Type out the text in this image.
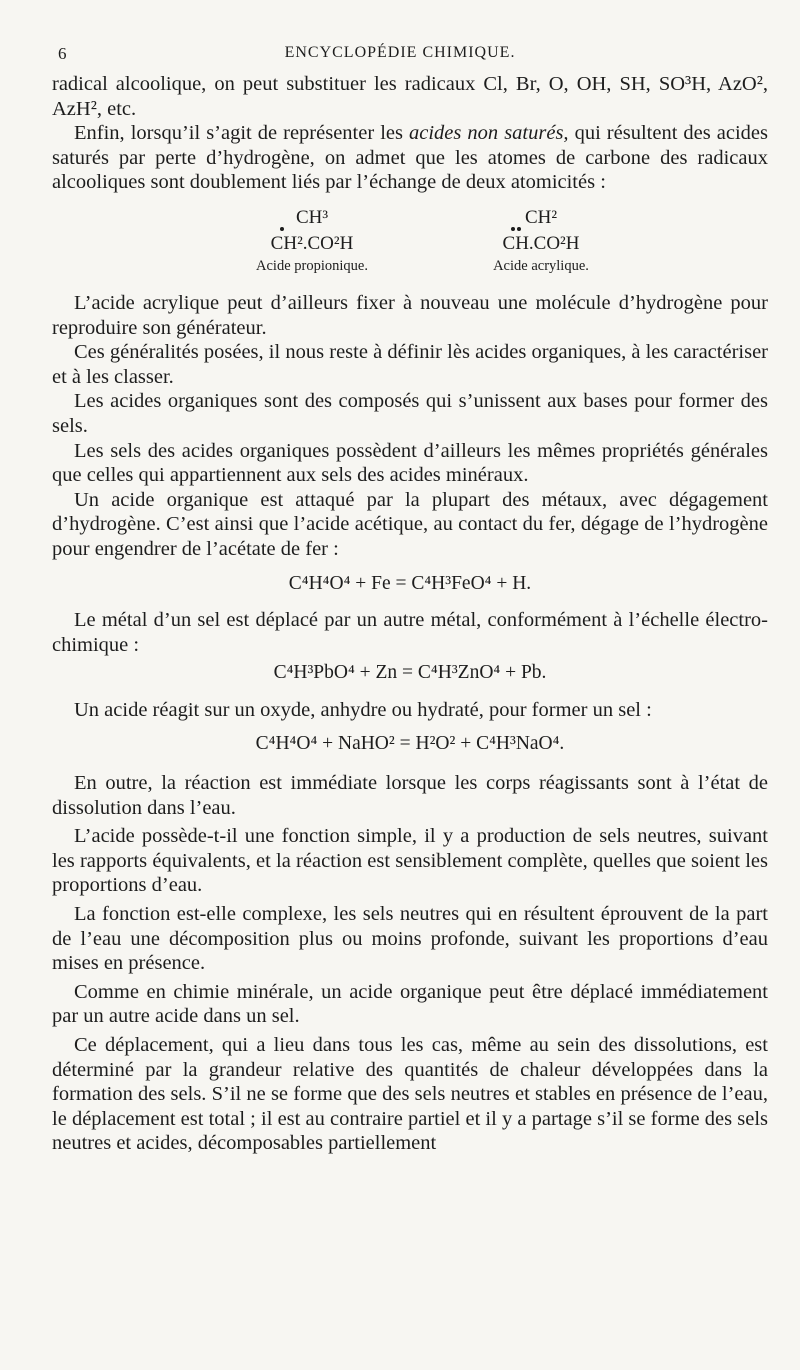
6	ENCYCLOPÉDIE CHIMIQUE.

radical alcoolique, on peut substituer les radicaux Cl, Br, O, OH, SH, SO³H, AzO², AzH², etc.

Enfin, lorsqu’il s’agit de représenter les acides non saturés, qui résultent des acides saturés par perte d’hydrogène, on admet que les atomes de carbone des radicaux alcooliques sont doublement liés par l’échange de deux atomicités :

CH³
CH².CO²H
Acide propionique.
CH²
CH.CO²H
Acide acrylique.

L’acide acrylique peut d’ailleurs fixer à nouveau une molécule d’hydrogène pour reproduire son générateur.

Ces généralités posées, il nous reste à définir lès acides organiques, à les caractériser et à les classer.

Les acides organiques sont des composés qui s’unissent aux bases pour former des sels.

Les sels des acides organiques possèdent d’ailleurs les mêmes propriétés générales que celles qui appartiennent aux sels des acides minéraux.

Un acide organique est attaqué par la plupart des métaux, avec dégagement d’hydrogène. C’est ainsi que l’acide acétique, au contact du fer, dégage de l’hydrogène pour engendrer de l’acétate de fer :

C⁴H⁴O⁴ + Fe = C⁴H³FeO⁴ + H.

Le métal d’un sel est déplacé par un autre métal, conformément à l’échelle électro-chimique :

C⁴H³PbO⁴ + Zn = C⁴H³ZnO⁴ + Pb.

Un acide réagit sur un oxyde, anhydre ou hydraté, pour former un sel :

C⁴H⁴O⁴ + NaHO² = H²O² + C⁴H³NaO⁴.

En outre, la réaction est immédiate lorsque les corps réagissants sont à l’état de dissolution dans l’eau.

L’acide possède-t-il une fonction simple, il y a production de sels neutres, suivant les rapports équivalents, et la réaction est sensiblement complète, quelles que soient les proportions d’eau.

La fonction est-elle complexe, les sels neutres qui en résultent éprouvent de la part de l’eau une décomposition plus ou moins profonde, suivant les proportions d’eau mises en présence.

Comme en chimie minérale, un acide organique peut être déplacé immédiatement par un autre acide dans un sel.

Ce déplacement, qui a lieu dans tous les cas, même au sein des dissolutions, est déterminé par la grandeur relative des quantités de chaleur développées dans la formation des sels. S’il ne se forme que des sels neutres et stables en présence de l’eau, le déplacement est total ; il est au contraire partiel et il y a partage s’il se forme des sels neutres et acides, décomposables partiellement
